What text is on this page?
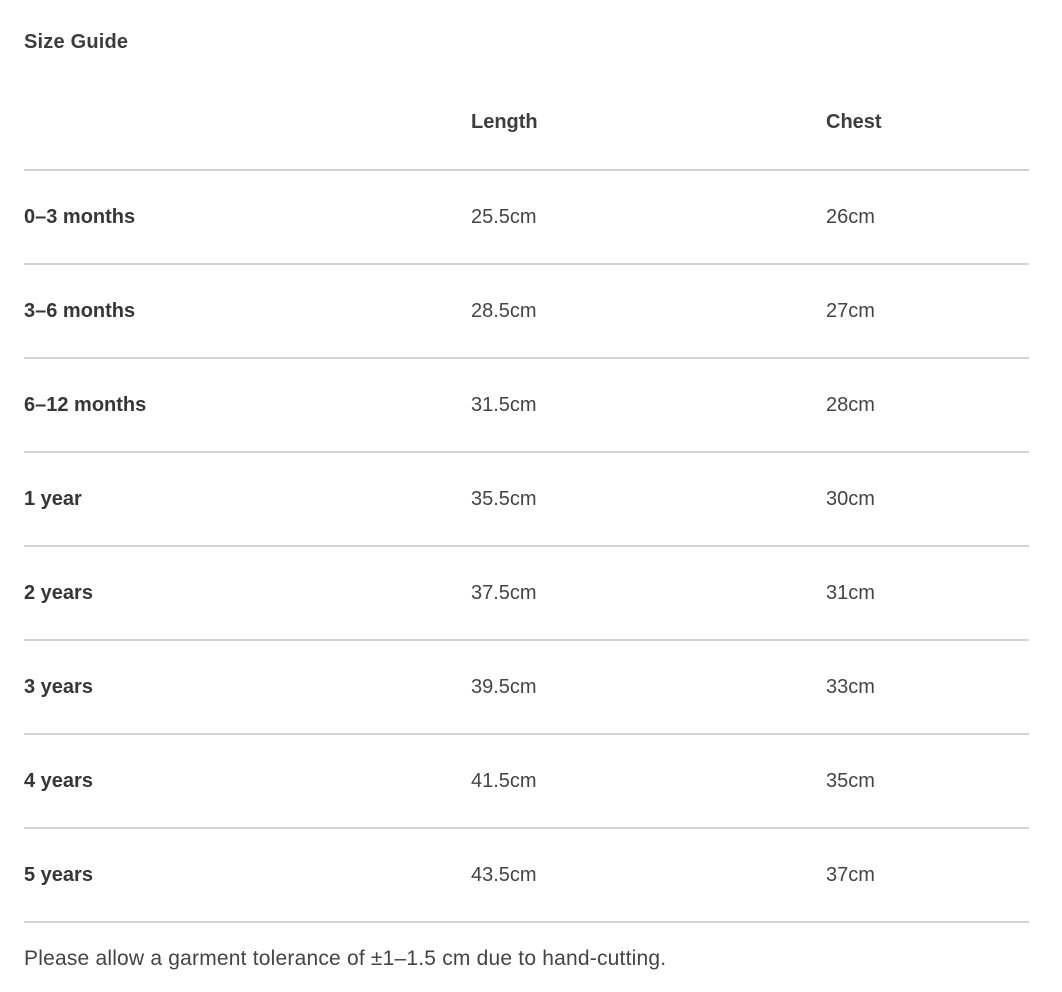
Size Guide
	Length	Chest
0–3 months	25.5cm	26cm
3–6 months	28.5cm	27cm
6–12 months	31.5cm	28cm
1 year	35.5cm	30cm
2 years	37.5cm	31cm
3 years	39.5cm	33cm
4 years	41.5cm	35cm
5 years	43.5cm	37cm
Please allow a garment tolerance of ±1–1.5 cm due to hand-cutting.
